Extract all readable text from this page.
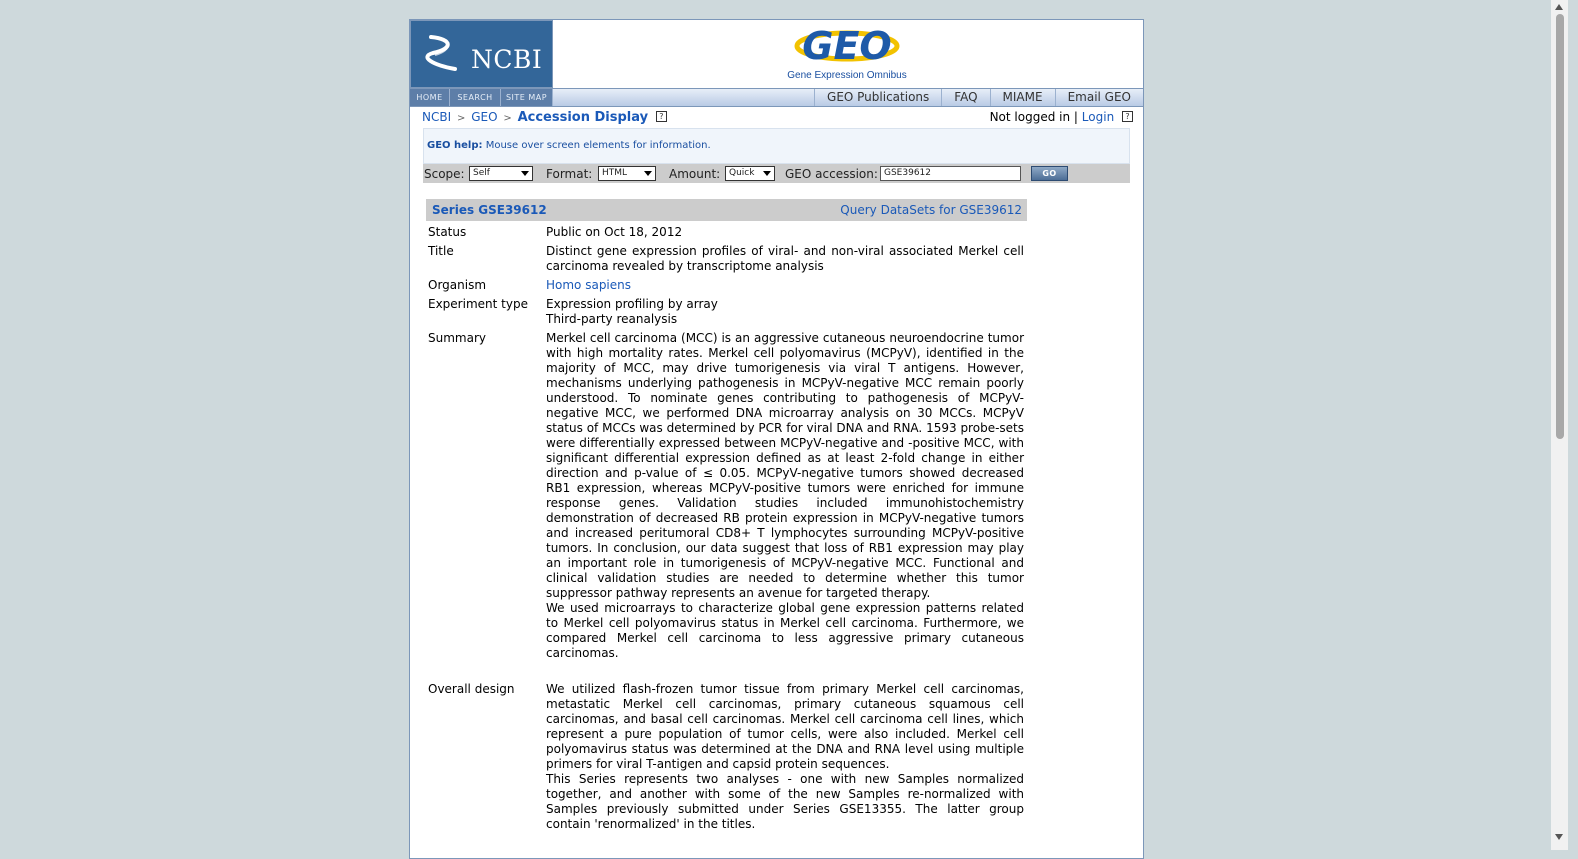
NCBI	GEO
Gene Expression Omnibus
HOME	SEARCH	SITE MAP	GEO Publications	FAQ	MIAME	Email GEO
NCBI > GEO > Accession Display ?	Not logged in | Login ?
GEO help: Mouse over screen elements for information.
Scope: Self	Format:	HTML	Amount: Quick	GEO accession: GSE39612	GO
Series GSE39612	Query DataSets for GSE39612
Status	Public on Oct 18, 2012

Title	Distinct gene expression profiles of viral- and non-viral associated Merkel cell carcinoma revealed by transcriptome analysis

Organism	Homo sapiens

Experiment type	Expression profiling by array

Third-party reanalysis

Summary	Merkel cell carcinoma (MCC) is an aggressive cutaneous neuroendocrine tumor with high mortality rates. Merkel cell polyomavirus (MCPyV), identified in the majority of MCC, may drive tumorigenesis via viral T antigens. However, mechanisms underlying pathogenesis in MCPyV-negative MCC remain poorly understood. To nominate genes contributing to pathogenesis of MCPyV-negative MCC, we performed DNA microarray analysis on 30 MCCs. MCPyV status of MCCs was determined by PCR for viral DNA and RNA. 1593 probe-sets were differentially expressed between MCPyV-negative and -positive MCC, with significant differential expression defined as at least 2-fold change in either direction and p-value of ≤ 0.05. MCPyV-negative tumors showed decreased RB1 expression, whereas MCPyV-positive tumors were enriched for immune response genes. Validation studies included immunohistochemistry demonstration of decreased RB protein expression in MCPyV-negative tumors and increased peritumoral CD8+ T lymphocytes surrounding MCPyV-positive tumors. In conclusion, our data suggest that loss of RB1 expression may play an important role in tumorigenesis of MCPyV-negative MCC. Functional and clinical validation studies are needed to determine whether this tumor suppressor pathway represents an avenue for targeted therapy.

We used microarrays to characterize global gene expression patterns related to Merkel cell polyomavirus status in Merkel cell carcinoma. Furthermore, we compared Merkel cell carcinoma to less aggressive primary cutaneous carcinomas.

Overall design	We utilized flash-frozen tumor tissue from primary Merkel cell carcinomas, metastatic Merkel cell carcinomas, primary cutaneous squamous cell carcinomas, and basal cell carcinomas. Merkel cell carcinoma cell lines, which represent a pure population of tumor cells, were also included. Merkel cell polyomavirus status was determined at the DNA and RNA level using multiple primers for viral T-antigen and capsid protein sequences.

This Series represents two analyses - one with new Samples normalized together, and another with some of the new Samples re-normalized with Samples previously submitted under Series GSE13355. The latter group contain 'renormalized' in the titles.
